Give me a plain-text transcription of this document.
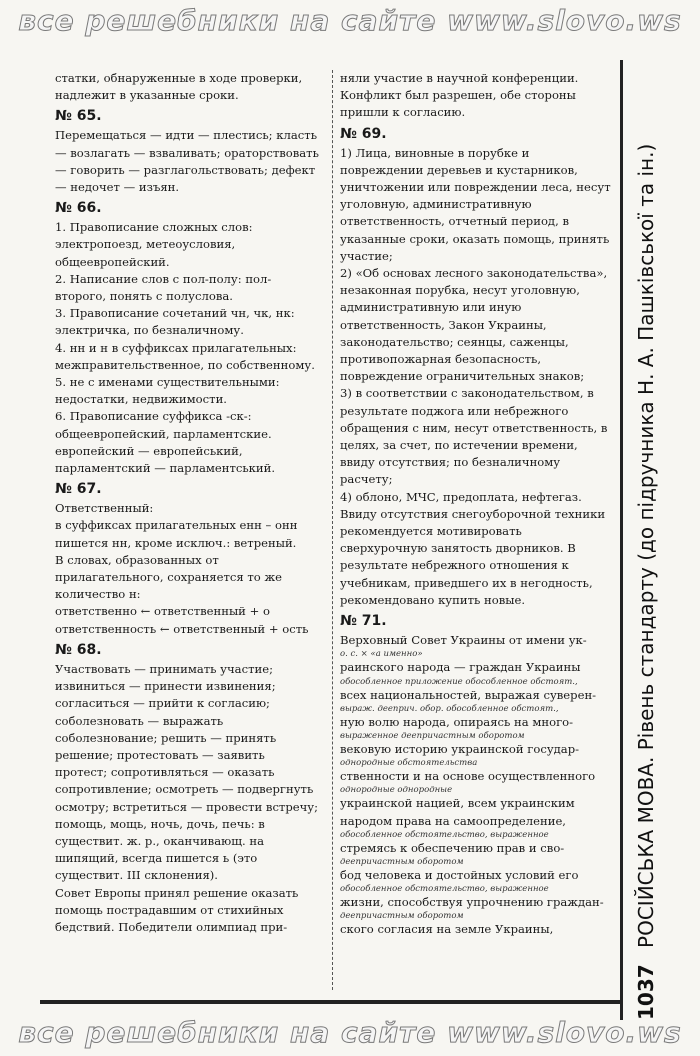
все решебники на сайте www.slovo.ws

статки, обнаруженные в ходе проверки, надлежит в указанные сроки.

№ 65.

Перемещаться — идти — плестись; класть — возлагать — взваливать; ораторствовать — говорить — разглагольствовать; дефект — недочет — изъян.

№ 66.

1. Правописание сложных слов: электропоезд, метеоусловия, общеевропейский.

2. Написание слов с пол-полу: пол-второго, понять с полуслова.

3. Правописание сочетаний чн, чк, нк: электричка, по безналичному.

4. нн и н в суффиксах прилагательных: межправительственное, по собственному.

5. не с именами существительными: недостатки, недвижимости.

6. Правописание суффикса -ск-: общеевропейский, парламентские.

европейский — европейський, парламентский — парламентський.

№ 67.

Ответственный:

в суффиксах прилагательных енн – онн пишется нн, кроме исключ.: ветреный.

В словах, образованных от прилагательного, сохраняется то же количество н:

ответственно ← ответственный + о

ответственность ← ответственный + ость

№ 68.

Участвовать — принимать участие; извиниться — принести извинения; согласиться — прийти к согласию; соболезновать — выражать соболезнование; решить — принять решение; протестовать — заявить протест; сопротивляться — оказать сопротивление; осмотреть — подвергнуть осмотру; встретиться — провести встречу; помощь, мощь, ночь, дочь, печь: в существит. ж. р., оканчивающ. на шипящий, всегда пишется ь (это существит. III склонения).

Совет Европы принял решение оказать помощь пострадавшим от стихийных бедствий. Победители олимпиад при-

няли участие в научной конференции. Конфликт был разрешен, обе стороны пришли к согласию.

№ 69.

1) Лица, виновные в порубке и повреждении деревьев и кустарников, уничтожении или повреждении леса, несут уголовную, административную ответственность, отчетный период, в указанные сроки, оказать помощь, принять участие;

2) «Об основах лесного законодательства», незаконная порубка, несут уголовную, административную или иную ответственность, Закон Украины, законодательство; сеянцы, саженцы, противопожарная безопасность, повреждение ограничительных знаков;

3) в соответствии с законодательством, в результате поджога или небрежного обращения с ним, несут ответственность, в целях, за счет, по истечении времени, ввиду отсутствия; по безналичному расчету;

4) облоно, МЧС, предоплата, нефтегаз.

Ввиду отсутствия снегоуборочной техники рекомендуется мотивировать сверхурочную занятость дворников. В результате небрежного отношения к учебникам, приведшего их в негодность, рекомендовано купить новые.

№ 71.

Верховный Совет Украины от имени ук-

о. с. × «а именно»

раинского народа — граждан Украины

обособленное приложение обособленное обстоят.,

всех национальностей, выражая суверен-

выраж. дееприч. обор. обособленное обстоят.,

ную волю народа, опираясь на много-

выраженное деепричастным оборотом

вековую историю украинской государ-

однородные обстоятельства

ственности и на основе осуществленного

однородные однородные

украинской нацией, всем украинским народом права на самоопределение,

обособленное обстоятельство, выраженное

стремясь к обеспечению прав и сво-

деепричастным оборотом

бод человека и достойных условий его

обособленное обстоятельство, выраженное

жизни, способствуя упрочнению граждан-

деепричастным оборотом

ского согласия на земле Украины,

1037 РОСІЙСЬКА МОВА. Рівень стандарту (до підручника Н. А. Пашківської та ін.)
все решебники на сайте www.slovo.ws
